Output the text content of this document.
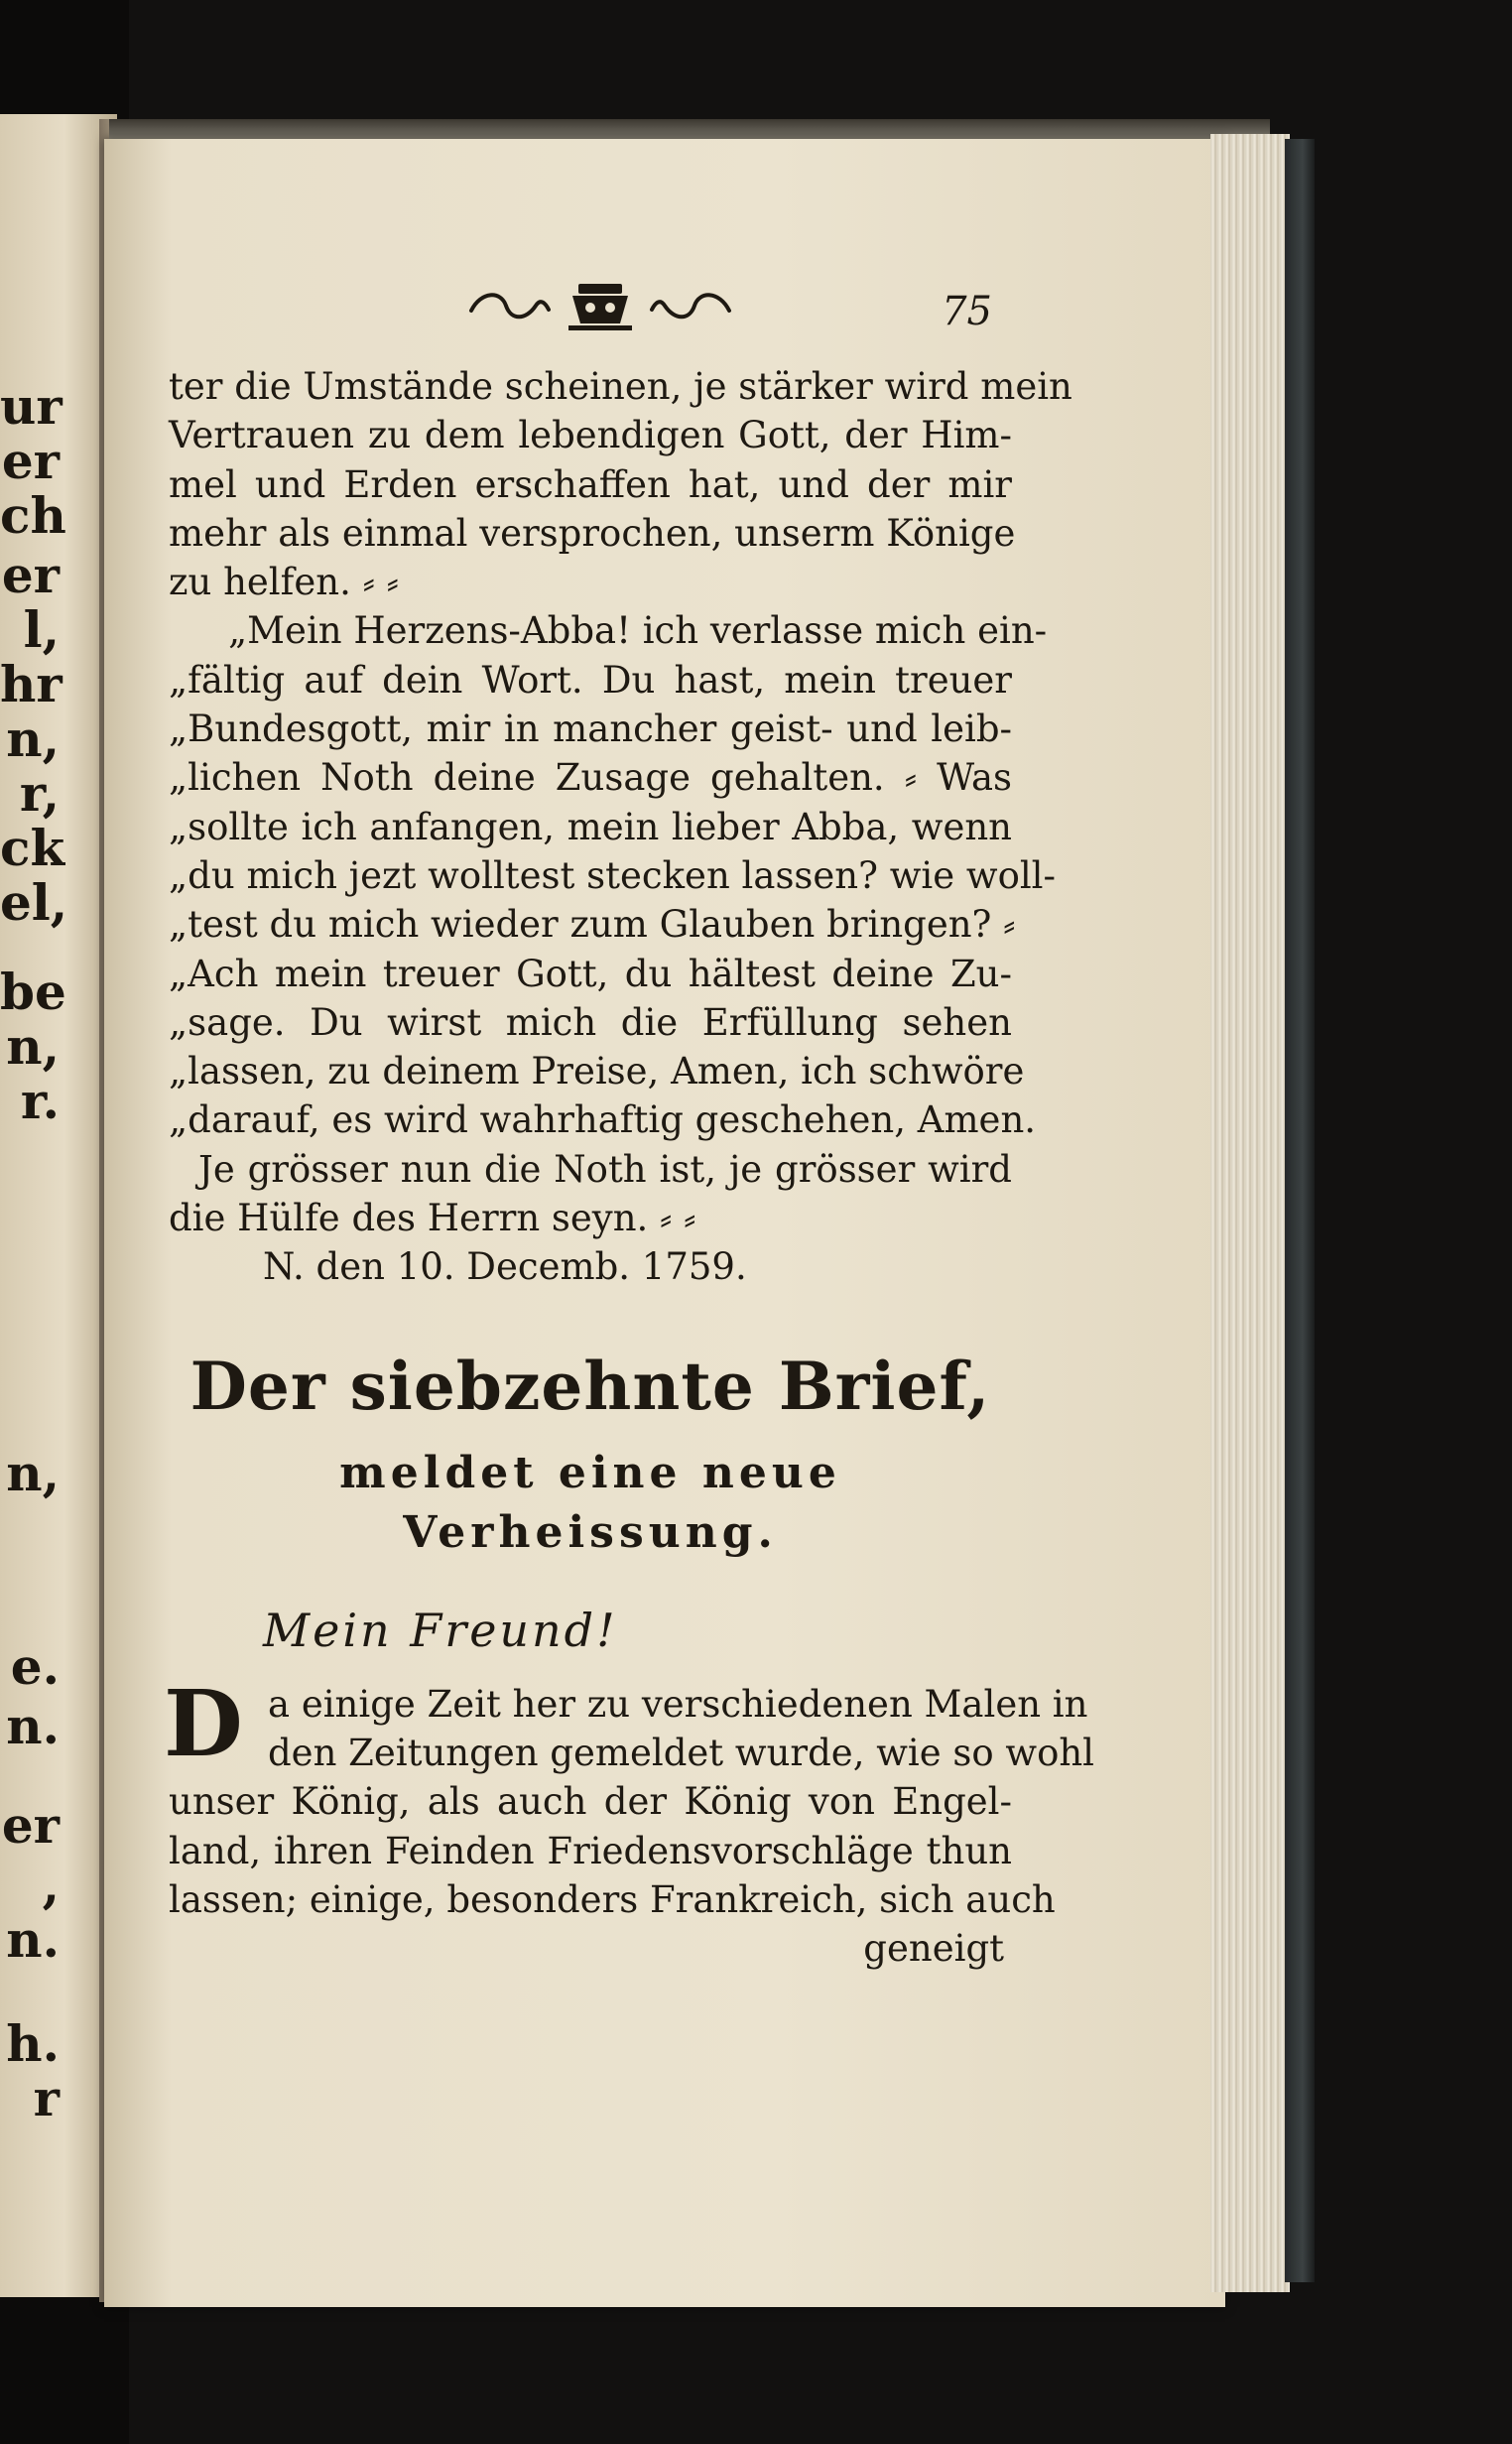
ur
er
ch
er
l,
hr
n,
r,
ck
el,
be
n,
r.
n,
e.
n.
er
,
n.
h.
r
75
ter die Umstände scheinen, je stärker wird mein
Vertrauen zu dem lebendigen Gott, der Him-
mel und Erden erschaffen hat, und der mir
mehr als einmal versprochen, unserm Könige
zu helfen. ⸗ ⸗
„Mein Herzens-Abba! ich verlasse mich ein-
„fältig auf dein Wort. Du hast, mein treuer
„Bundesgott, mir in mancher geist- und leib-
„lichen Noth deine Zusage gehalten. ⸗ Was
„sollte ich anfangen, mein lieber Abba, wenn
„du mich jezt wolltest stecken lassen? wie woll-
„test du mich wieder zum Glauben bringen? ⸗
„Ach mein treuer Gott, du hältest deine Zu-
„sage. Du wirst mich die Erfüllung sehen
„lassen, zu deinem Preise, Amen, ich schwöre
„darauf, es wird wahrhaftig geschehen, Amen.
Je grösser nun die Noth ist, je grösser wird
die Hülfe des Herrn seyn. ⸗ ⸗
N. den 10. Decemb. 1759.
Der siebzehnte Brief,
meldet eine neue Verheissung.
Mein Freund!
D a einige Zeit her zu verschiedenen Malen in
den Zeitungen gemeldet wurde, wie so wohl
unser König, als auch der König von Engel-
land, ihren Feinden Friedensvorschläge thun
lassen; einige, besonders Frankreich, sich auch
geneigt
